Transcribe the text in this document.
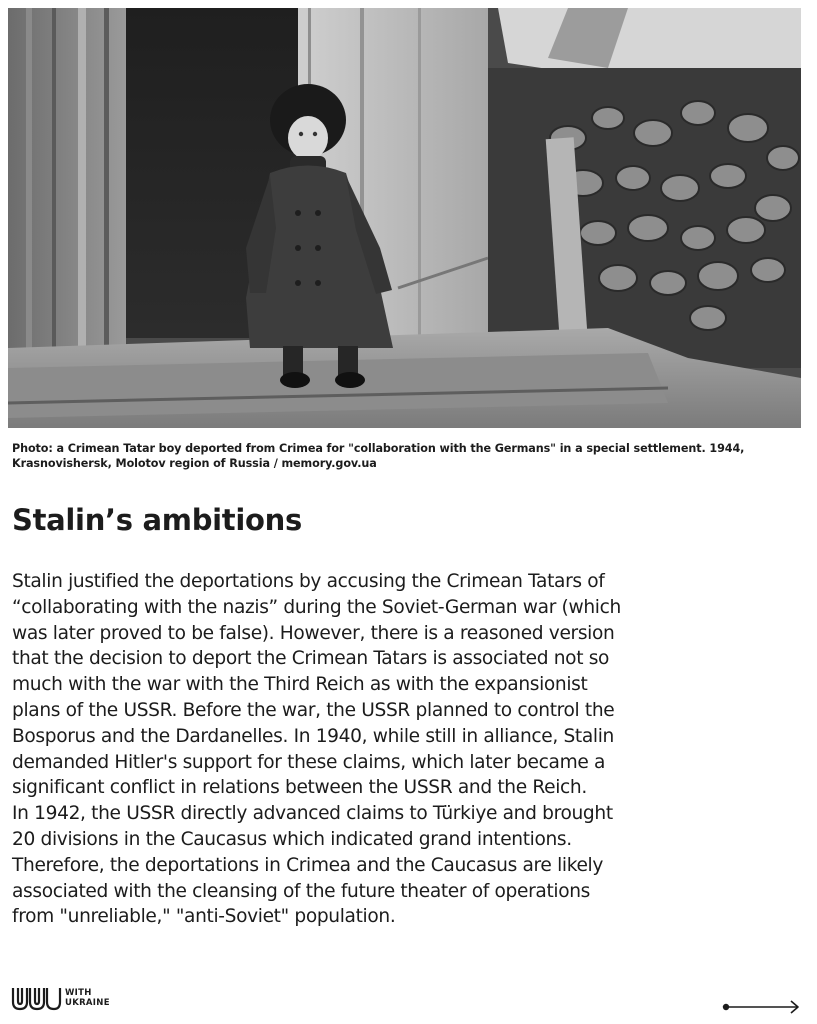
Photo: a Crimean Tatar boy deported from Crimea for "collaboration with the Germans" in a special settlement. 1944, Krasnovishersk, Molotov region of Russia / memory.gov.ua
Stalin’s ambitions

Stalin justified the deportations by accusing the Crimean Tatars of
“collaborating with the nazis” during the Soviet-German war (which
was later proved to be false). However, there is a reasoned version
that the decision to deport the Crimean Tatars is associated not so
much with the war with the Third Reich as with the expansionist
plans of the USSR. Before the war, the USSR planned to control the
Bosporus and the Dardanelles. In 1940, while still in alliance, Stalin
demanded Hitler's support for these claims, which later became a
significant conflict in relations between the USSR and the Reich.
In 1942, the USSR directly advanced claims to Türkiye and brought
20 divisions in the Caucasus which indicated grand intentions.
Therefore, the deportations in Crimea and the Caucasus are likely
associated with the cleansing of the future theater of operations
from "unreliable," "anti-Soviet" population.

WITH
UKRAINE
